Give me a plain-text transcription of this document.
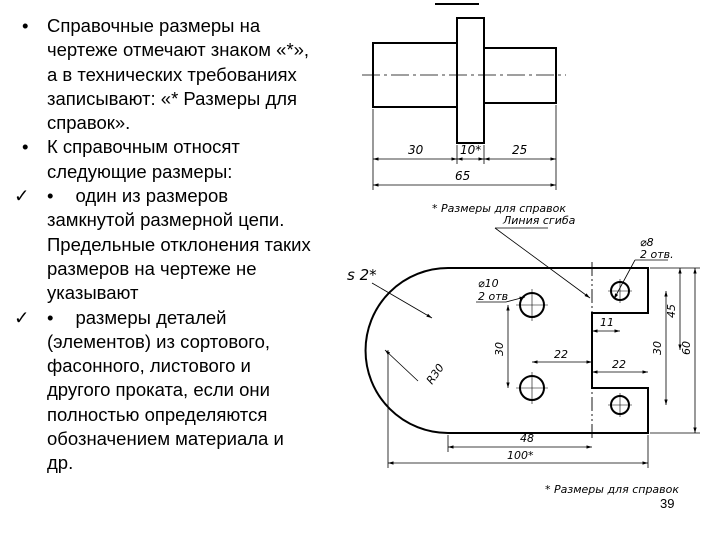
•	Справочные размеры на чертеже отмечают знаком «*», а в технических требованиях записывают: «* Размеры для справок».
•	К справочным относят следующие размеры:
✓ • один из размеров замкнутой размерной цепи. Предельные отклонения таких размеров на чертеже не указывают
✓ • размеры деталей (элементов) из сортового, фасонного, листового и другого проката, если они полностью определяются обозначением материала и др.
30	10*	25
65
* Размеры для справок
Линия сгиба
s 2*
⌀8
2 отв.
⌀10
2 отв
R30
11
22
22
30	30
45
60
48
100*
* Размеры для справок
39
